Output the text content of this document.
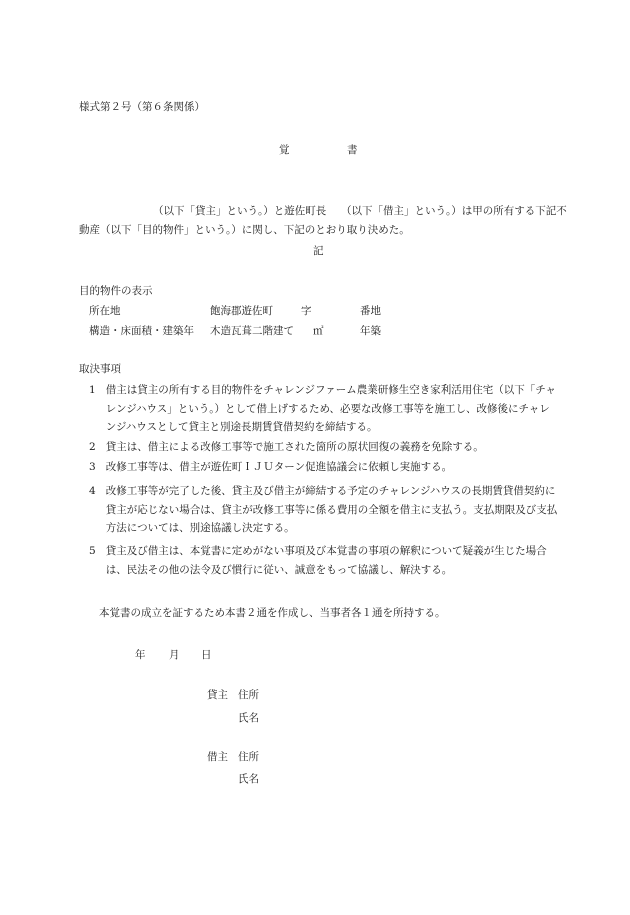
様式第２号（第６条関係）
覚	書
（以下「貸主」という。）と遊佐町長 （以下「借主」という。）は甲の所有する下記不
動産（以下「目的物件」という。）に関し、下記のとおり取り決めた。
記
目的物件の表示
所在地	飽海郡遊佐町	字	番地
構造・床面積・建築年 木造瓦葺二階建て ㎡	年築
取決事項
1 借主は貸主の所有する目的物件をチャレンジファーム農業研修生空き家利活用住宅（以下「チャレンジハウス」という。）として借上げするため、必要な改修工事等を施工し、改修後にチャレンジハウスとして貸主と別途長期賃貸借契約を締結する。
2 貸主は、借主による改修工事等で施工された箇所の原状回復の義務を免除する。
3 改修工事等は、借主が遊佐町ＩＪＵターン促進協議会に依頼し実施する。
4 改修工事等が完了した後、貸主及び借主が締結する予定のチャレンジハウスの長期賃貸借契約に貸主が応じない場合は、貸主が改修工事等に係る費用の全額を借主に支払う。支払期限及び支払方法については、別途協議し決定する。
5 貸主及び借主は、本覚書に定めがない事項及び本覚書の事項の解釈について疑義が生じた場合は、民法その他の法令及び慣行に従い、誠意をもって協議し、解決する。
本覚書の成立を証するため本書２通を作成し、当事者各１通を所持する。
年 月 日
貸主 住所
氏名
借主 住所
氏名
